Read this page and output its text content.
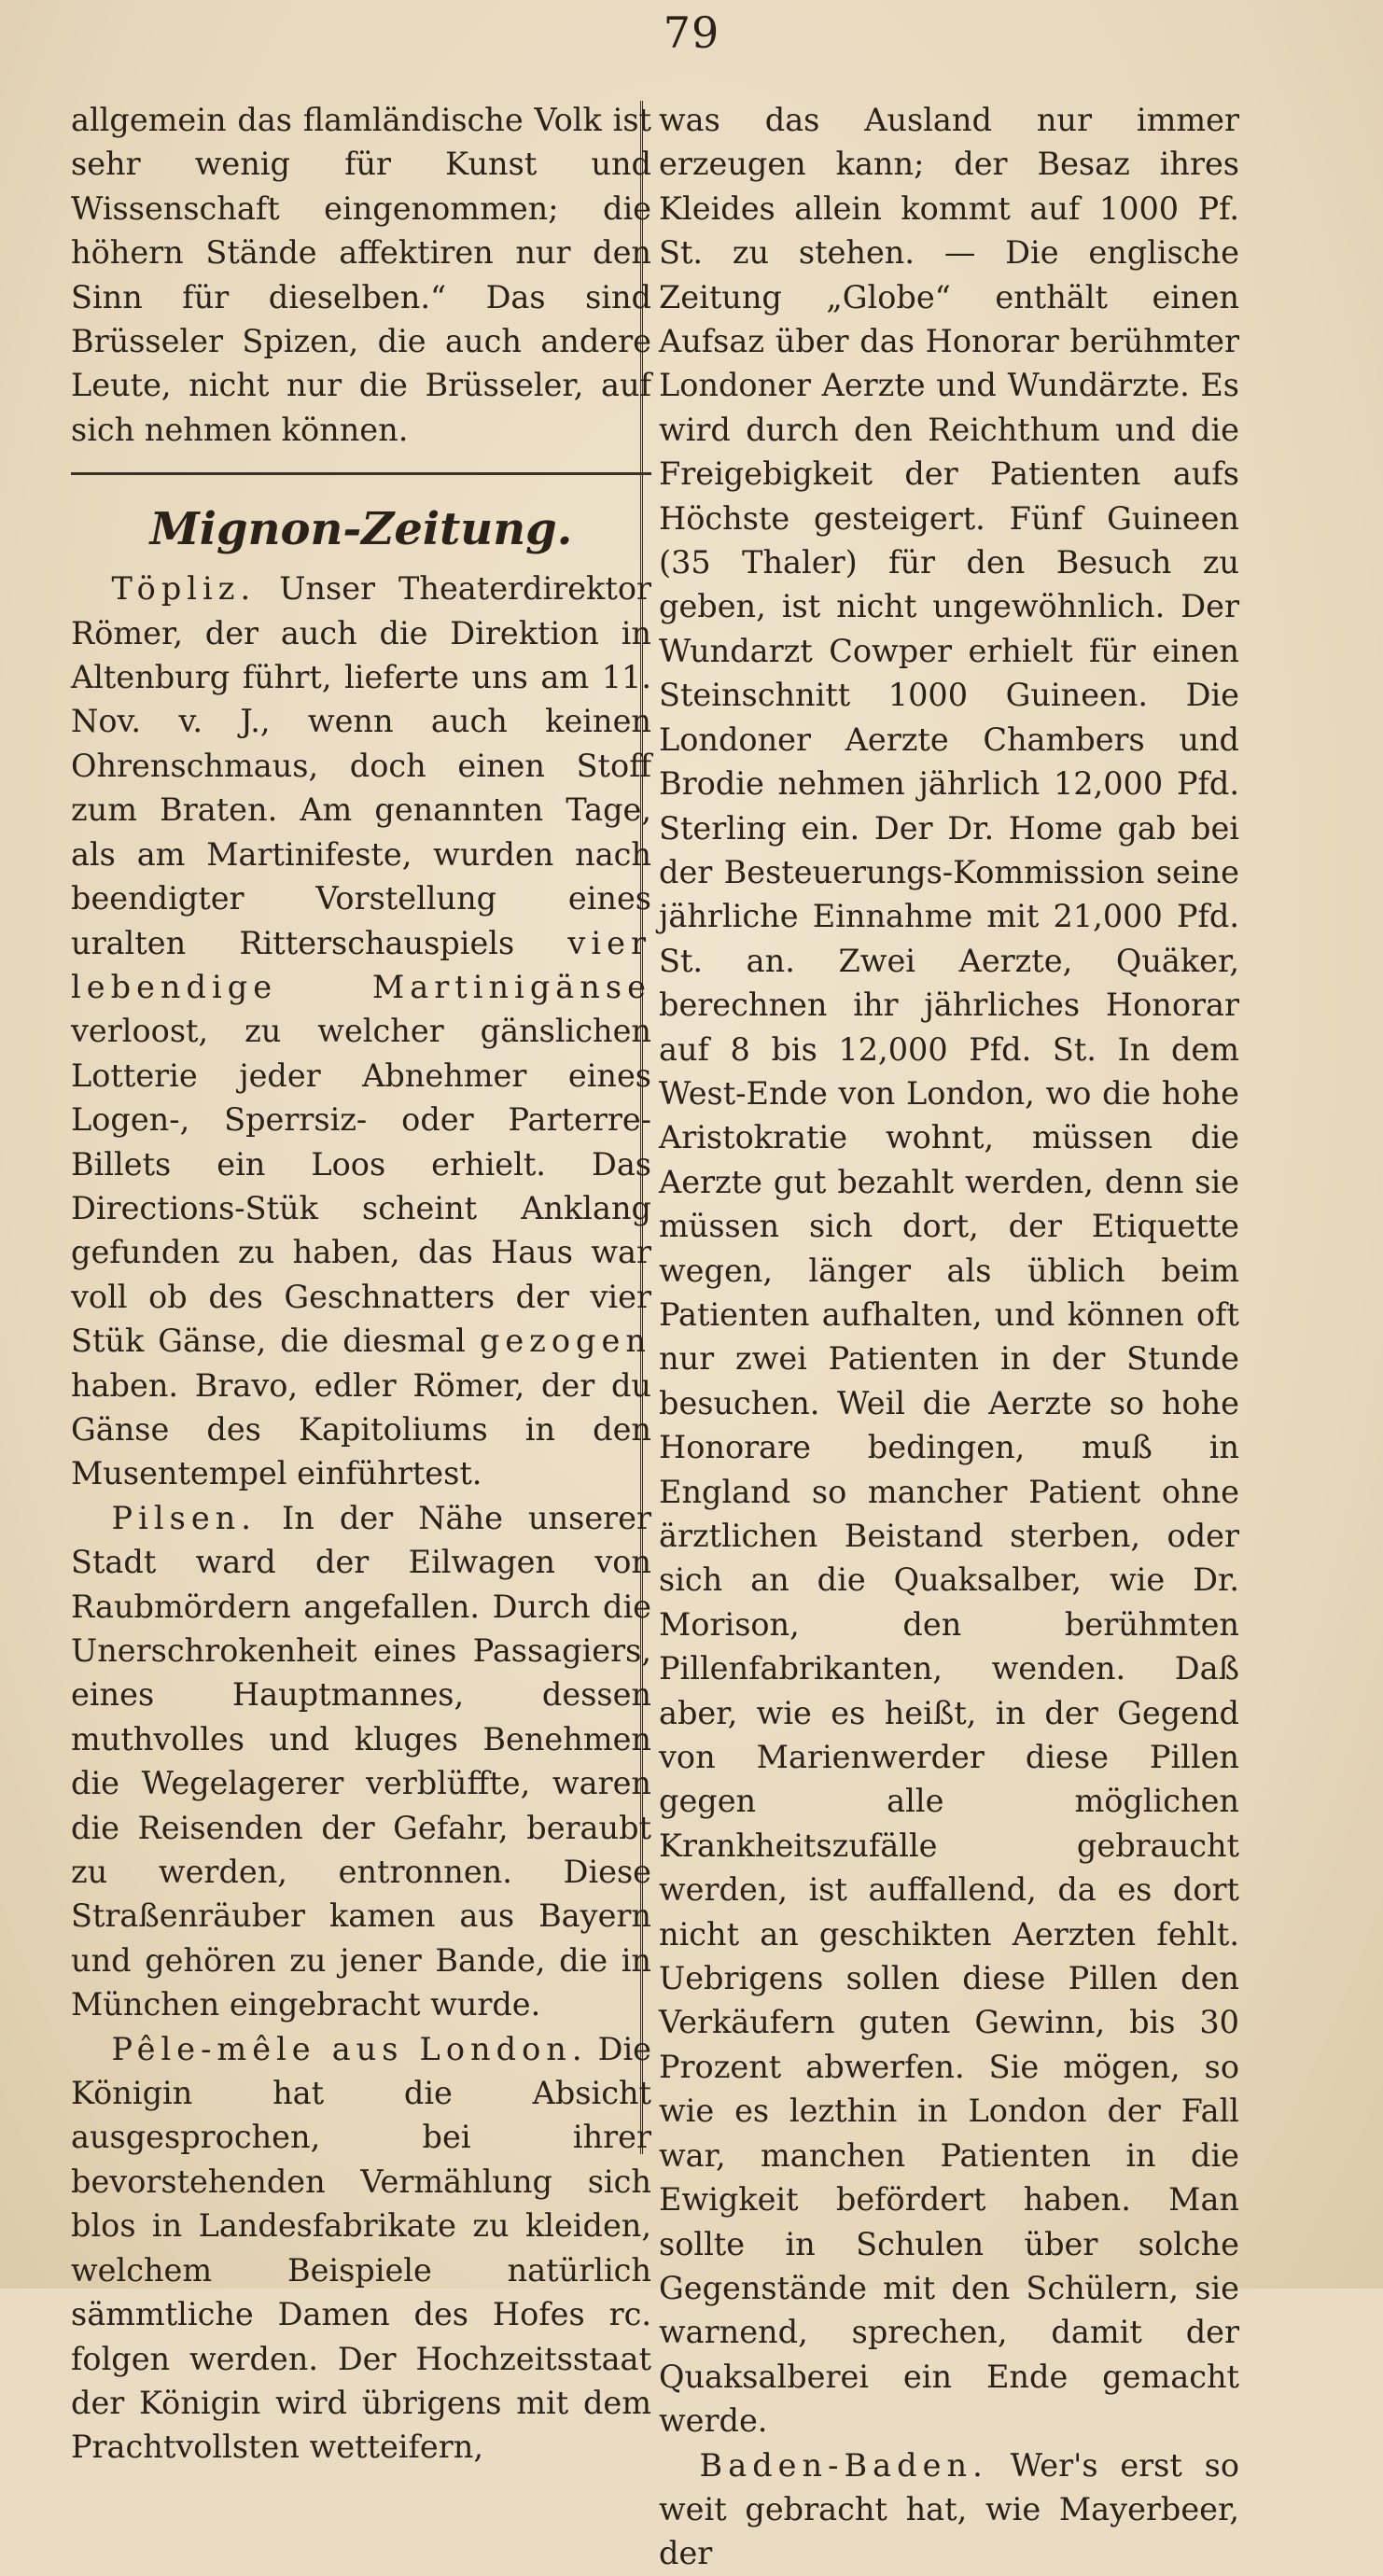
79

allgemein das flamländische Volk ist sehr wenig für Kunst und Wissenschaft eingenommen; die höhern Stände affektiren nur den Sinn für dieselben.“ Das sind Brüsseler Spizen, die auch andere Leute, nicht nur die Brüsseler, auf sich nehmen können.

Mignon-Zeitung.

Töpliz. Unser Theaterdirektor Römer, der auch die Direktion in Altenburg führt, lieferte uns am 11. Nov. v. J., wenn auch keinen Ohrenschmaus, doch einen Stoff zum Braten. Am genannten Tage, als am Martinifeste, wurden nach beendigter Vorstellung eines uralten Ritterschauspiels vier lebendige Martinigänse verloost, zu welcher gänslichen Lotterie jeder Abnehmer eines Logen-, Sperrsiz- oder Parterre-Billets ein Loos erhielt. Das Directions-Stük scheint Anklang gefunden zu haben, das Haus war voll ob des Geschnatters der vier Stük Gänse, die diesmal gezogen haben. Bravo, edler Römer, der du Gänse des Kapitoliums in den Musentempel einführtest.

Pilsen. In der Nähe unserer Stadt ward der Eilwagen von Raubmördern angefallen. Durch die Unerschrokenheit eines Passagiers, eines Hauptmannes, dessen muthvolles und kluges Benehmen die Wegelagerer verblüffte, waren die Reisenden der Gefahr, beraubt zu werden, entronnen. Diese Straßenräuber kamen aus Bayern und gehören zu jener Bande, die in München eingebracht wurde.

Pêle-mêle aus London. Die Königin hat die Absicht ausgesprochen, bei ihrer bevorstehenden Vermählung sich blos in Landesfabrikate zu kleiden, welchem Beispiele natürlich sämmtliche Damen des Hofes rc. folgen werden. Der Hochzeitsstaat der Königin wird übrigens mit dem Prachtvollsten wetteifern,

was das Ausland nur immer erzeugen kann; der Besaz ihres Kleides allein kommt auf 1000 Pf. St. zu stehen. — Die englische Zeitung „Globe“ enthält einen Aufsaz über das Honorar berühmter Londoner Aerzte und Wundärzte. Es wird durch den Reichthum und die Freigebigkeit der Patienten aufs Höchste gesteigert. Fünf Guineen (35 Thaler) für den Besuch zu geben, ist nicht ungewöhnlich. Der Wundarzt Cowper erhielt für einen Steinschnitt 1000 Guineen. Die Londoner Aerzte Chambers und Brodie nehmen jährlich 12,000 Pfd. Sterling ein. Der Dr. Home gab bei der Besteuerungs-Kommission seine jährliche Einnahme mit 21,000 Pfd. St. an. Zwei Aerzte, Quäker, berechnen ihr jährliches Honorar auf 8 bis 12,000 Pfd. St. In dem West-Ende von London, wo die hohe Aristokratie wohnt, müssen die Aerzte gut bezahlt werden, denn sie müssen sich dort, der Etiquette wegen, länger als üblich beim Patienten aufhalten, und können oft nur zwei Patienten in der Stunde besuchen. Weil die Aerzte so hohe Honorare bedingen, muß in England so mancher Patient ohne ärztlichen Beistand sterben, oder sich an die Quaksalber, wie Dr. Morison, den berühmten Pillenfabrikanten, wenden. Daß aber, wie es heißt, in der Gegend von Marienwerder diese Pillen gegen alle möglichen Krankheitszufälle gebraucht werden, ist auffallend, da es dort nicht an geschikten Aerzten fehlt. Uebrigens sollen diese Pillen den Verkäufern guten Gewinn, bis 30 Prozent abwerfen. Sie mögen, so wie es lezthin in London der Fall war, manchen Patienten in die Ewigkeit befördert haben. Man sollte in Schulen über solche Gegenstände mit den Schülern, sie warnend, sprechen, damit der Quaksalberei ein Ende gemacht werde.

Baden-Baden. Wer's erst so weit gebracht hat, wie Mayerbeer, der
